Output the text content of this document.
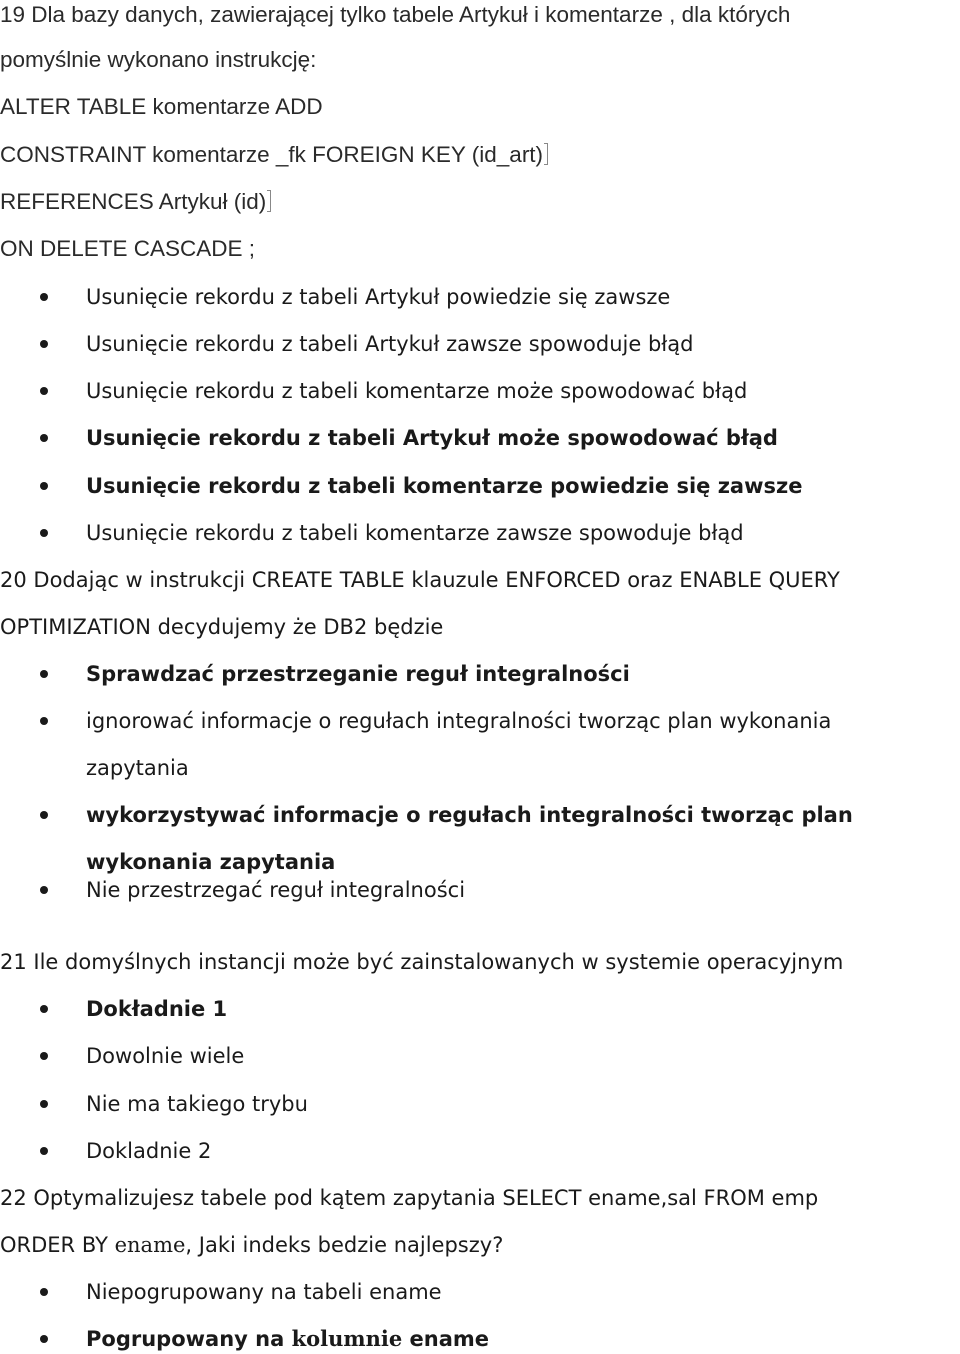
19 Dla bazy danych, zawierającej tylko tabele Artykuł i komentarze , dla których
pomyślnie wykonano instrukcję:
ALTER TABLE komentarze ADD
CONSTRAINT komentarze _fk FOREIGN KEY (id_art)
REFERENCES Artykuł (id)
ON DELETE CASCADE ;
Usunięcie rekordu z tabeli Artykuł powiedzie się zawsze
Usunięcie rekordu z tabeli Artykuł zawsze spowoduje błąd
Usunięcie rekordu z tabeli komentarze może spowodować błąd
Usunięcie rekordu z tabeli Artykuł może spowodować błąd
Usunięcie rekordu z tabeli komentarze powiedzie się zawsze
Usunięcie rekordu z tabeli komentarze zawsze spowoduje błąd
20 Dodając w instrukcji CREATE TABLE klauzule ENFORCED oraz ENABLE QUERY
OPTIMIZATION decydujemy że DB2 będzie
Sprawdzać przestrzeganie reguł integralności
ignorować informacje o regułach integralności tworząc plan wykonania
zapytania
wykorzystywać informacje o regułach integralności tworząc plan
wykonania zapytania
Nie przestrzegać reguł integralności
21 Ile domyślnych instancji może być zainstalowanych w systemie operacyjnym
Dokładnie 1
Dowolnie wiele
Nie ma takiego trybu
Dokladnie 2
22 Optymalizujesz tabele pod kątem zapytania SELECT ename,sal FROM emp
ORDER BY ename, Jaki indeks bedzie najlepszy?
Niepogrupowany na tabeli ename
Pogrupowany na kolumnie ename
